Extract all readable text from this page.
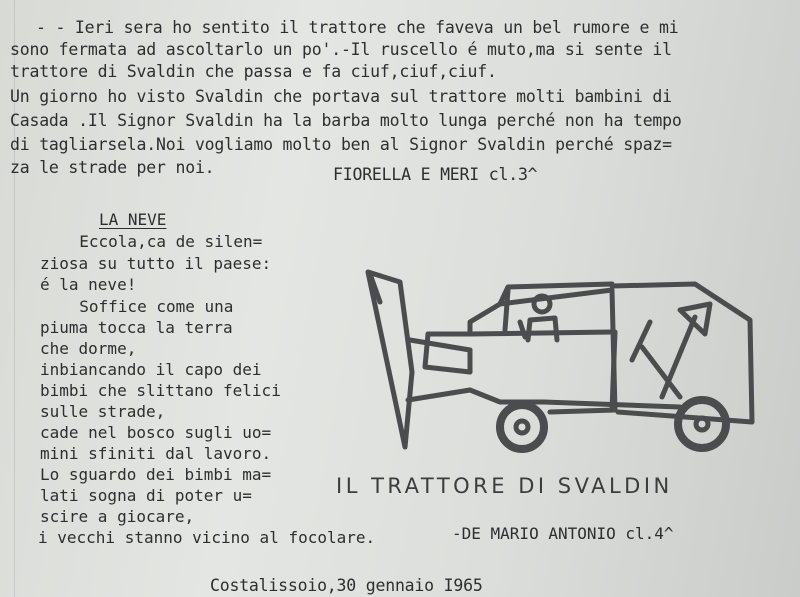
- - Ieri sera ho sentito il trattore che faveva un bel rumore e mi
sono fermata ad ascoltarlo un po'.-Il ruscello é muto,ma si sente il
trattore di Svaldin che passa e fa ciuf,ciuf,ciuf.
Un giorno ho visto Svaldin che portava sul trattore molti bambini di
Casada .Il Signor Svaldin ha la barba molto lunga perché non ha tempo
di tagliarsela.Noi vogliamo molto ben al Signor Svaldin perché spaz=
za le strade per noi.	FIORELLA E MERI cl.3^
LA NEVE
Eccola,ca de silen=
ziosa su tutto il paese:
é la neve!
Soffice come una
piuma tocca la terra
che dorme,
inbiancando il capo dei
bimbi che slittano felici
sulle strade,
cade nel bosco sugli uo=
mini sfiniti dal lavoro.
Lo sguardo dei bimbi ma=
lati sogna di poter u=
scire a giocare,
i vecchi stanno vicino al focolare.	-DE MARIO ANTONIO cl.4^
IL TRATTORE DI SVALDIN
Costalissoio,30 gennaio I965
